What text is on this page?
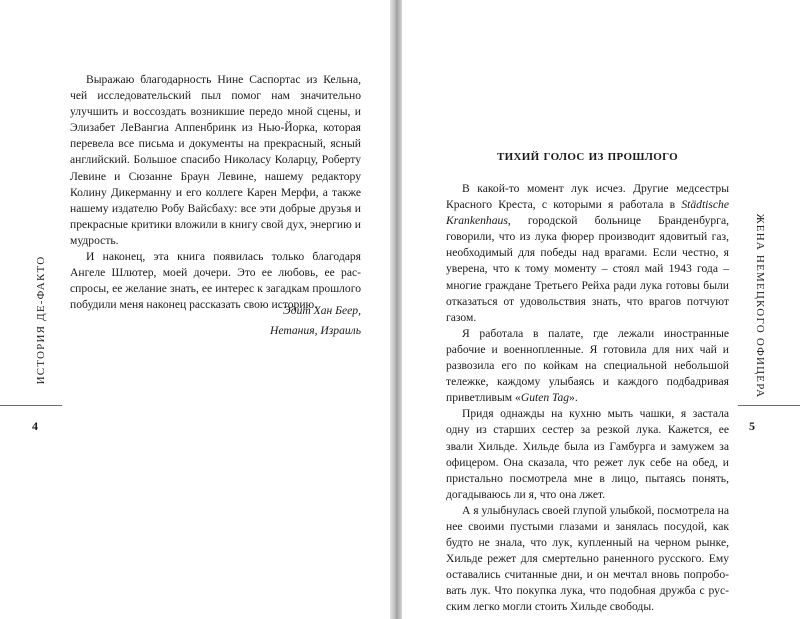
Выражаю благодарность Нине Саспортас из Кельна, чей исследовательский пыл помог нам значительно улучшить и воссоздать возникшие передо мной сцены, и Элизабет ЛеВангиа Аппенбринк из Нью-Йорка, которая перевела все письма и документы на прекрасный, ясный английский. Большое спасибо Николасу Коларцу, Роберту Левине и Сюзанне Браун Левине, нашему редактору Колину Дикерманну и его коллеге Карен Мерфи, а также нашему издателю Робу Вайсбаху: все эти добрые друзья и прекрасные критики вложили в книгу свой дух, энергию и мудрость.

И наконец, эта книга появилась только благодаря Ангеле Шлютер, моей дочери. Это ее любовь, ее расспросы, ее желание знать, ее интерес к загадкам прошлого побудили меня наконец рассказать свою историю.

Эдит Хан Беер,
Нетания, Израиль
ИСТОРИЯ ДЕ-ФАКТО
4
тихий голос из прошлого

В какой-то момент лук исчез. Другие медсестры Красного Креста, с которыми я работала в Städtische Krankenhaus, городской больнице Бранденбурга, говорили, что из лука фюрер производит ядовитый газ, необходимый для победы над врагами. Если честно, я уверена, что к тому моменту – стоял май 1943 года – многие граждане Третьего Рейха ради лука готовы были отказаться от удовольствия знать, что врагов потчуют газом.

Я работала в палате, где лежали иностранные рабочие и военнопленные. Я готовила для них чай и развозила его по койкам на специальной небольшой тележке, каждому улыбаясь и каждого подбадривая приветливым «Guten Tag».

Придя однажды на кухню мыть чашки, я застала одну из старших сестер за резкой лука. Кажется, ее звали Хильде. Хильде была из Гамбурга и замужем за офицером. Она сказала, что режет лук себе на обед, и пристально посмотрела мне в лицо, пытаясь понять, догадываюсь ли я, что она лжет.

А я улыбнулась своей глупой улыбкой, посмотрела на нее своими пустыми глазами и занялась посудой, как будто не знала, что лук, купленный на черном рынке, Хильде режет для смертельно раненного русского. Ему оставались считанные дни, и он мечтал вновь попробовать лук. Что покупка лука, что подобная дружба с русским легко могли стоить Хильде свободы.

ЖЕНА НЕМЕЦКОГО ОФИЦЕРА
5
